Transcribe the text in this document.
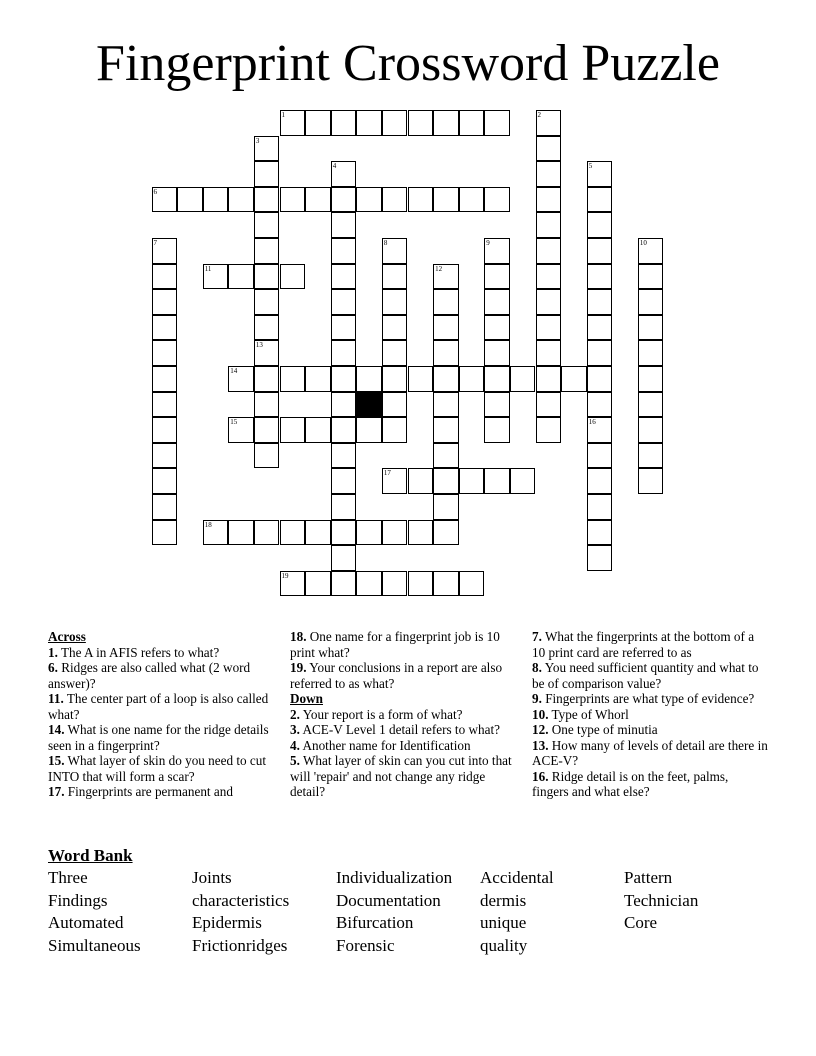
Fingerprint Crossword Puzzle
1	2
3
4	5
6
7	8	9	10
11	12
13
14
15	16
17
18
19
Across
1. The A in AFIS refers to what?
6. Ridges are also called what (2 word answer)?
11. The center part of a loop is also called what?
14. What is one name for the ridge details seen in a fingerprint?
15. What layer of skin do you need to cut INTO that will form a scar?
17. Fingerprints are permanent and
18. One name for a fingerprint job is 10 print what?
19. Your conclusions in a report are also referred to as what?
Down
2. Your report is a form of what?
3. ACE-V Level 1 detail refers to what?
4. Another name for Identification
5. What layer of skin can you cut into that will 'repair' and not change any ridge detail?
7. What the fingerprints at the bottom of a 10 print card are referred to as
8. You need sufficient quantity and what to be of comparison value?
9. Fingerprints are what type of evidence?
10. Type of Whorl
12. One type of minutia
13. How many of levels of detail are there in ACE-V?
16. Ridge detail is on the feet, palms, fingers and what else?
Word Bank
Three	Joints	Individualization	Accidental	Pattern
Findings	characteristics	Documentation	dermis	Technician
Automated	Epidermis	Bifurcation	unique	Core
Simultaneous	Frictionridges	Forensic	quality
